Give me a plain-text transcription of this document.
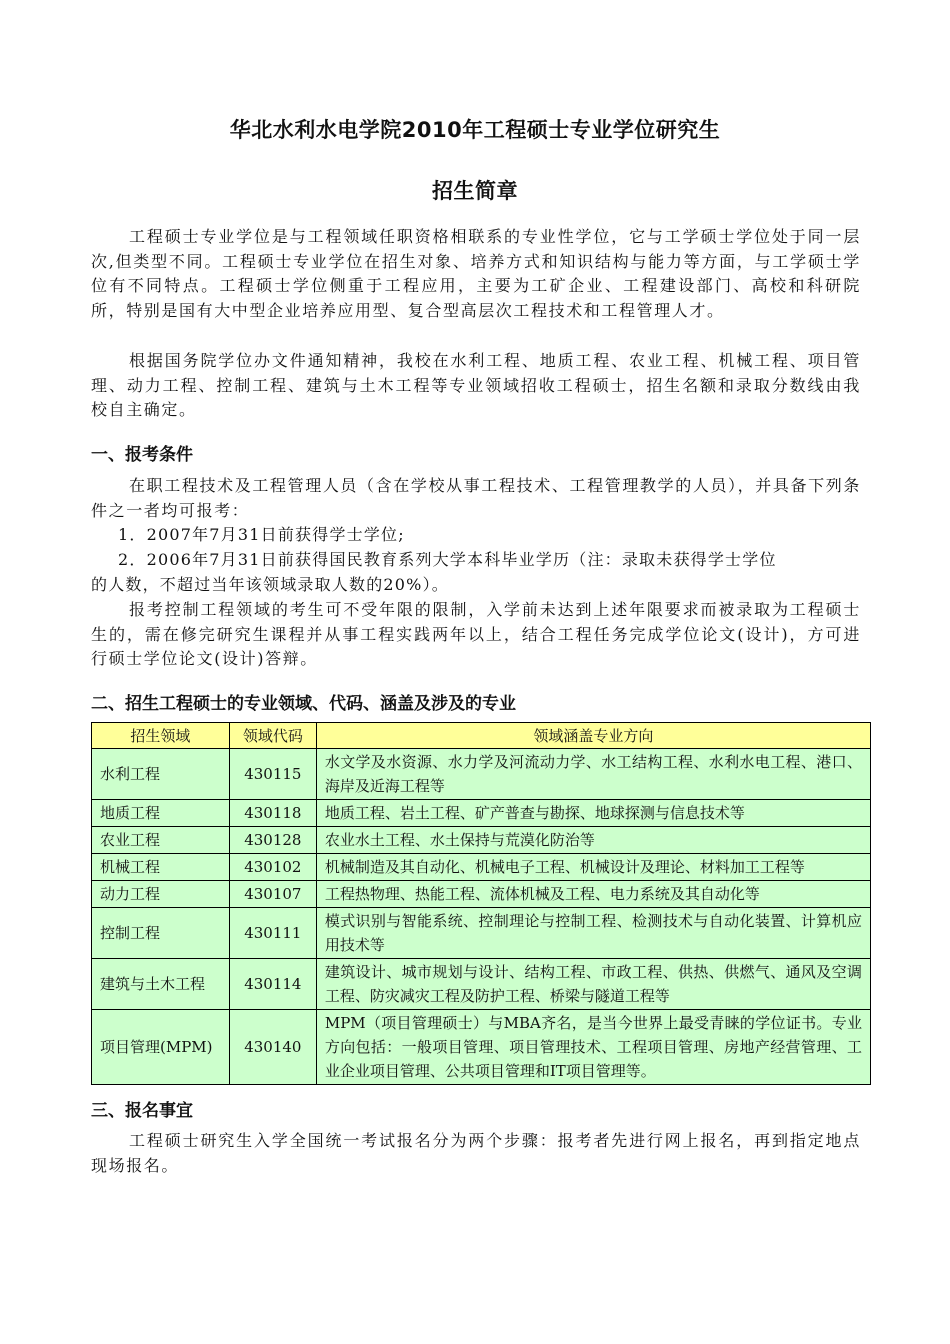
华北水利水电学院2010年工程硕士专业学位研究生
招生简章

工程硕士专业学位是与工程领域任职资格相联系的专业性学位，它与工学硕士学位处于同一层次,但类型不同。工程硕士专业学位在招生对象、培养方式和知识结构与能力等方面，与工学硕士学位有不同特点。工程硕士学位侧重于工程应用，主要为工矿企业、工程建设部门、高校和科研院所，特别是国有大中型企业培养应用型、复合型高层次工程技术和工程管理人才。

根据国务院学位办文件通知精神，我校在水利工程、地质工程、农业工程、机械工程、项目管理、动力工程、控制工程、建筑与土木工程等专业领域招收工程硕士，招生名额和录取分数线由我校自主确定。

一、报考条件

在职工程技术及工程管理人员（含在学校从事工程技术、工程管理教学的人员），并具备下列条件之一者均可报考：

1．2007年7月31日前获得学士学位;

2．2006年7月31日前获得国民教育系列大学本科毕业学历（注：录取未获得学士学位

的人数，不超过当年该领域录取人数的20%）。

报考控制工程领域的考生可不受年限的限制，入学前未达到上述年限要求而被录取为工程硕士生的，需在修完研究生课程并从事工程实践两年以上，结合工程任务完成学位论文(设计)，方可进行硕士学位论文(设计)答辩。

二、招生工程硕士的专业领域、代码、涵盖及涉及的专业
招生领域	领域代码	领域涵盖专业方向
水利工程	430115	水文学及水资源、水力学及河流动力学、水工结构工程、水利水电工程、港口、海岸及近海工程等
地质工程	430118	地质工程、岩土工程、矿产普查与勘探、地球探测与信息技术等
农业工程	430128	农业水土工程、水土保持与荒漠化防治等
机械工程	430102	机械制造及其自动化、机械电子工程、机械设计及理论、材料加工工程等
动力工程	430107	工程热物理、热能工程、流体机械及工程、电力系统及其自动化等
控制工程	430111	模式识别与智能系统、控制理论与控制工程、检测技术与自动化装置、计算机应用技术等
建筑与土木工程	430114	建筑设计、城市规划与设计、结构工程、市政工程、供热、供燃气、通风及空调工程、防灾减灾工程及防护工程、桥梁与隧道工程等
项目管理(MPM)	430140	MPM（项目管理硕士）与MBA齐名，是当今世界上最受青睐的学位证书。专业方向包括：一般项目管理、项目管理技术、工程项目管理、房地产经营管理、工业企业项目管理、公共项目管理和IT项目管理等。
三、报名事宜

工程硕士研究生入学全国统一考试报名分为两个步骤：报考者先进行网上报名，再到指定地点现场报名。
